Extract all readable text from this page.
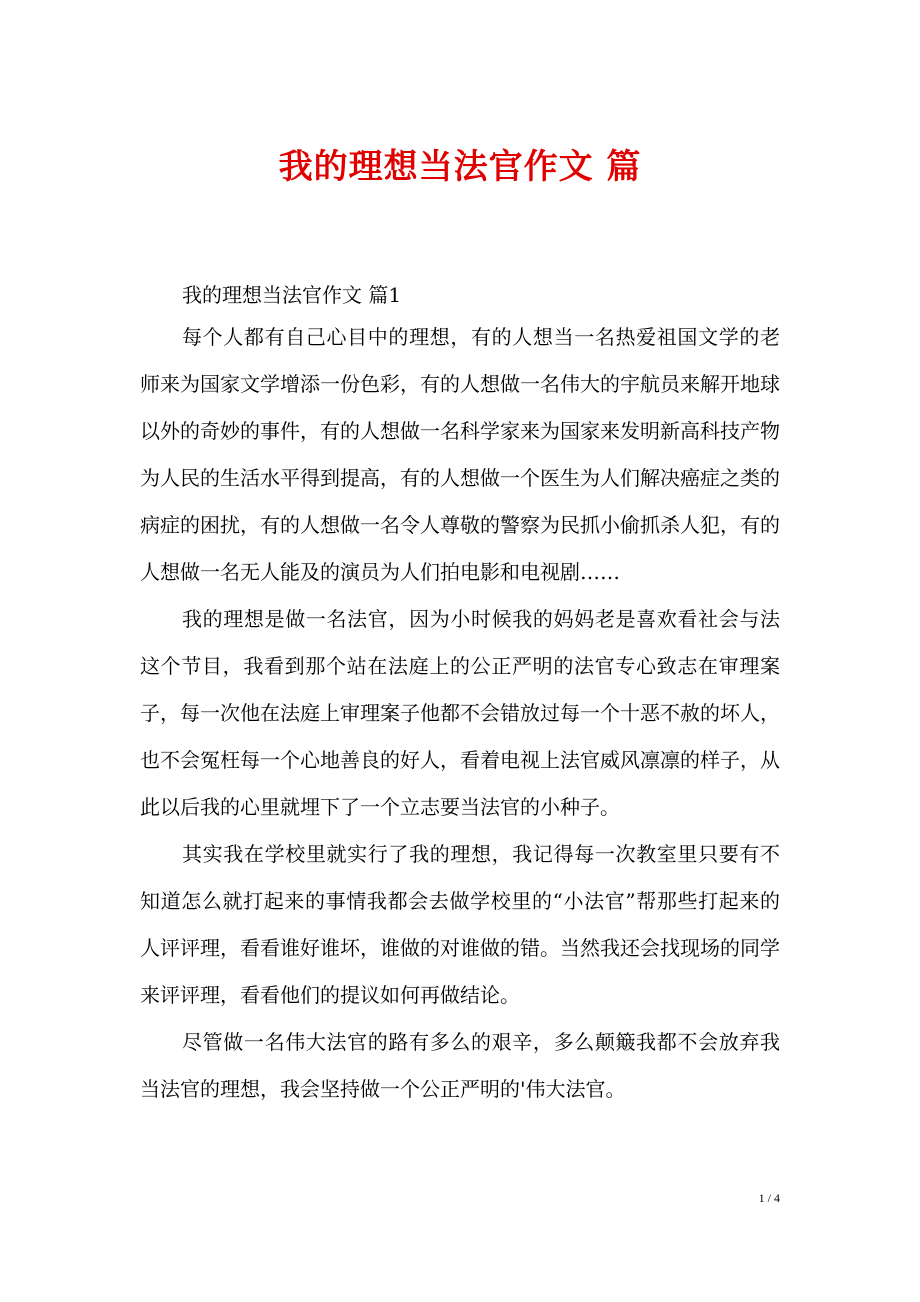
我的理想当法官作文 篇

我的理想当法官作文 篇1

每个人都有自己心目中的理想，有的人想当一名热爱祖国文学的老师来为国家文学增添一份色彩，有的人想做一名伟大的宇航员来解开地球以外的奇妙的事件，有的人想做一名科学家来为国家来发明新高科技产物为人民的生活水平得到提高，有的人想做一个医生为人们解决癌症之类的病症的困扰，有的人想做一名令人尊敬的警察为民抓小偷抓杀人犯，有的人想做一名无人能及的演员为人们拍电影和电视剧……

我的理想是做一名法官，因为小时候我的妈妈老是喜欢看社会与法这个节目，我看到那个站在法庭上的公正严明的法官专心致志在审理案子，每一次他在法庭上审理案子他都不会错放过每一个十恶不赦的坏人，也不会冤枉每一个心地善良的好人，看着电视上法官威风凛凛的样子，从此以后我的心里就埋下了一个立志要当法官的小种子。

其实我在学校里就实行了我的理想，我记得每一次教室里只要有不知道怎么就打起来的事情我都会去做学校里的“小法官”帮那些打起来的人评评理，看看谁好谁坏，谁做的对谁做的错。当然我还会找现场的同学来评评理，看看他们的提议如何再做结论。

尽管做一名伟大法官的路有多么的艰辛，多么颠簸我都不会放弃我当法官的理想，我会坚持做一个公正严明的'伟大法官。

1 / 4
